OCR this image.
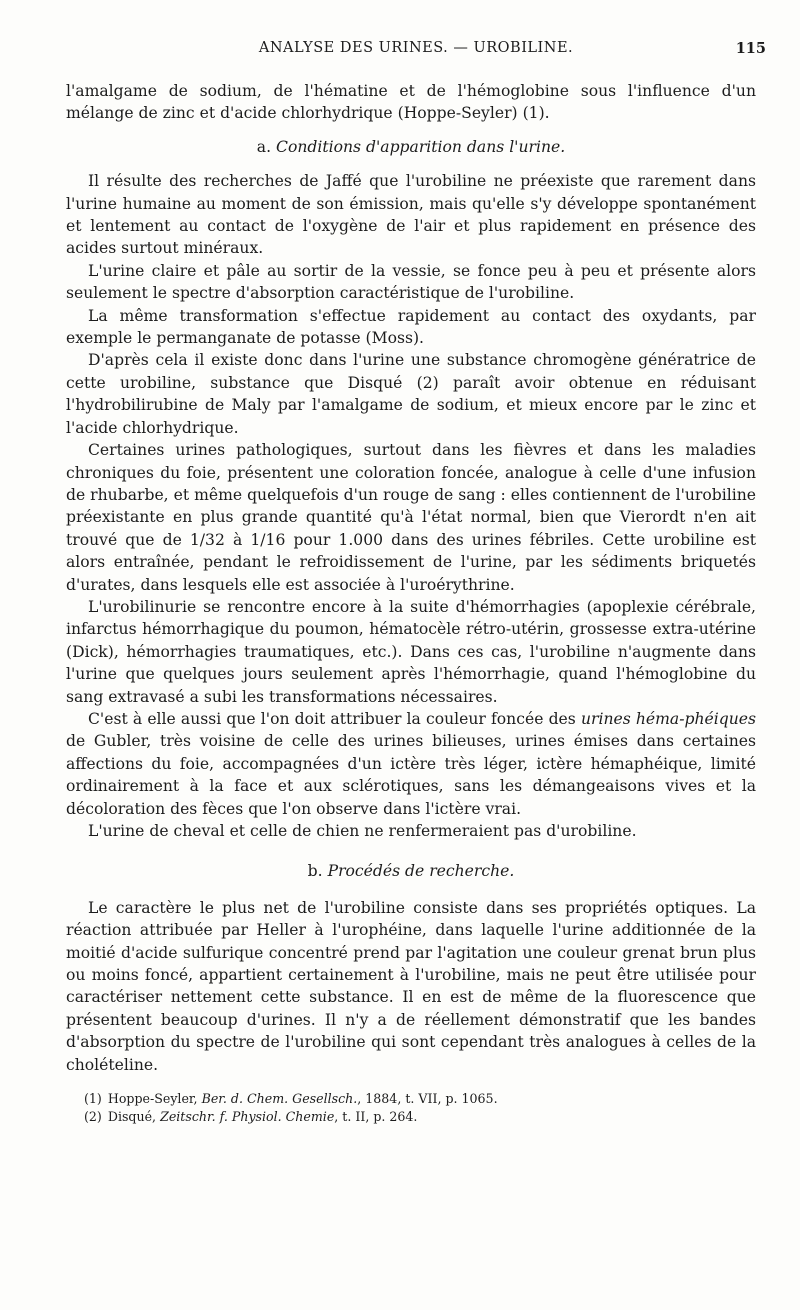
ANALYSE DES URINES. — UROBILINE.	115

l'amalgame de sodium, de l'hématine et de l'hémoglobine sous l'influence d'un mélange de zinc et d'acide chlorhydrique (Hoppe-Seyler) (1).

a. Conditions d'apparition dans l'urine.

Il résulte des recherches de Jaffé que l'urobiline ne préexiste que rarement dans l'urine humaine au moment de son émission, mais qu'elle s'y développe spontanément et lentement au contact de l'oxygène de l'air et plus rapidement en présence des acides surtout minéraux.

L'urine claire et pâle au sortir de la vessie, se fonce peu à peu et présente alors seulement le spectre d'absorption caractéristique de l'urobiline.

La même transformation s'effectue rapidement au contact des oxydants, par exemple le permanganate de potasse (Moss).

D'après cela il existe donc dans l'urine une substance chromogène génératrice de cette urobiline, substance que Disqué (2) paraît avoir obtenue en réduisant l'hydrobilirubine de Maly par l'amalgame de sodium, et mieux encore par le zinc et l'acide chlorhydrique.

Certaines urines pathologiques, surtout dans les fièvres et dans les maladies chroniques du foie, présentent une coloration foncée, analogue à celle d'une infusion de rhubarbe, et même quelquefois d'un rouge de sang : elles contiennent de l'urobiline préexistante en plus grande quantité qu'à l'état normal, bien que Vierordt n'en ait trouvé que de 1/32 à 1/16 pour 1.000 dans des urines fébriles. Cette urobiline est alors entraînée, pendant le refroidissement de l'urine, par les sédiments briquetés d'urates, dans lesquels elle est associée à l'uroérythrine.

L'urobilinurie se rencontre encore à la suite d'hémorrhagies (apoplexie cérébrale, infarctus hémorrhagique du poumon, hématocèle rétro-utérin, grossesse extra-utérine (Dick), hémorrhagies traumatiques, etc.). Dans ces cas, l'urobiline n'augmente dans l'urine que quelques jours seulement après l'hémorrhagie, quand l'hémoglobine du sang extravasé a subi les transformations nécessaires.

C'est à elle aussi que l'on doit attribuer la couleur foncée des urines héma-phéiques de Gubler, très voisine de celle des urines bilieuses, urines émises dans certaines affections du foie, accompagnées d'un ictère très léger, ictère hémaphéique, limité ordinairement à la face et aux sclérotiques, sans les démangeaisons vives et la décoloration des fèces que l'on observe dans l'ictère vrai.

L'urine de cheval et celle de chien ne renfermeraient pas d'urobiline.

b. Procédés de recherche.

Le caractère le plus net de l'urobiline consiste dans ses propriétés optiques. La réaction attribuée par Heller à l'urophéine, dans laquelle l'urine additionnée de la moitié d'acide sulfurique concentré prend par l'agitation une couleur grenat brun plus ou moins foncé, appartient certainement à l'urobiline, mais ne peut être utilisée pour caractériser nettement cette substance. Il en est de même de la fluorescence que présentent beaucoup d'urines. Il n'y a de réellement démonstratif que les bandes d'absorption du spectre de l'urobiline qui sont cependant très analogues à celles de la cholételine.

(1) Hoppe-Seyler, Ber. d. Chem. Gesellsch., 1884, t. VII, p. 1065.
(2) Disqué, Zeitschr. f. Physiol. Chemie, t. II, p. 264.
